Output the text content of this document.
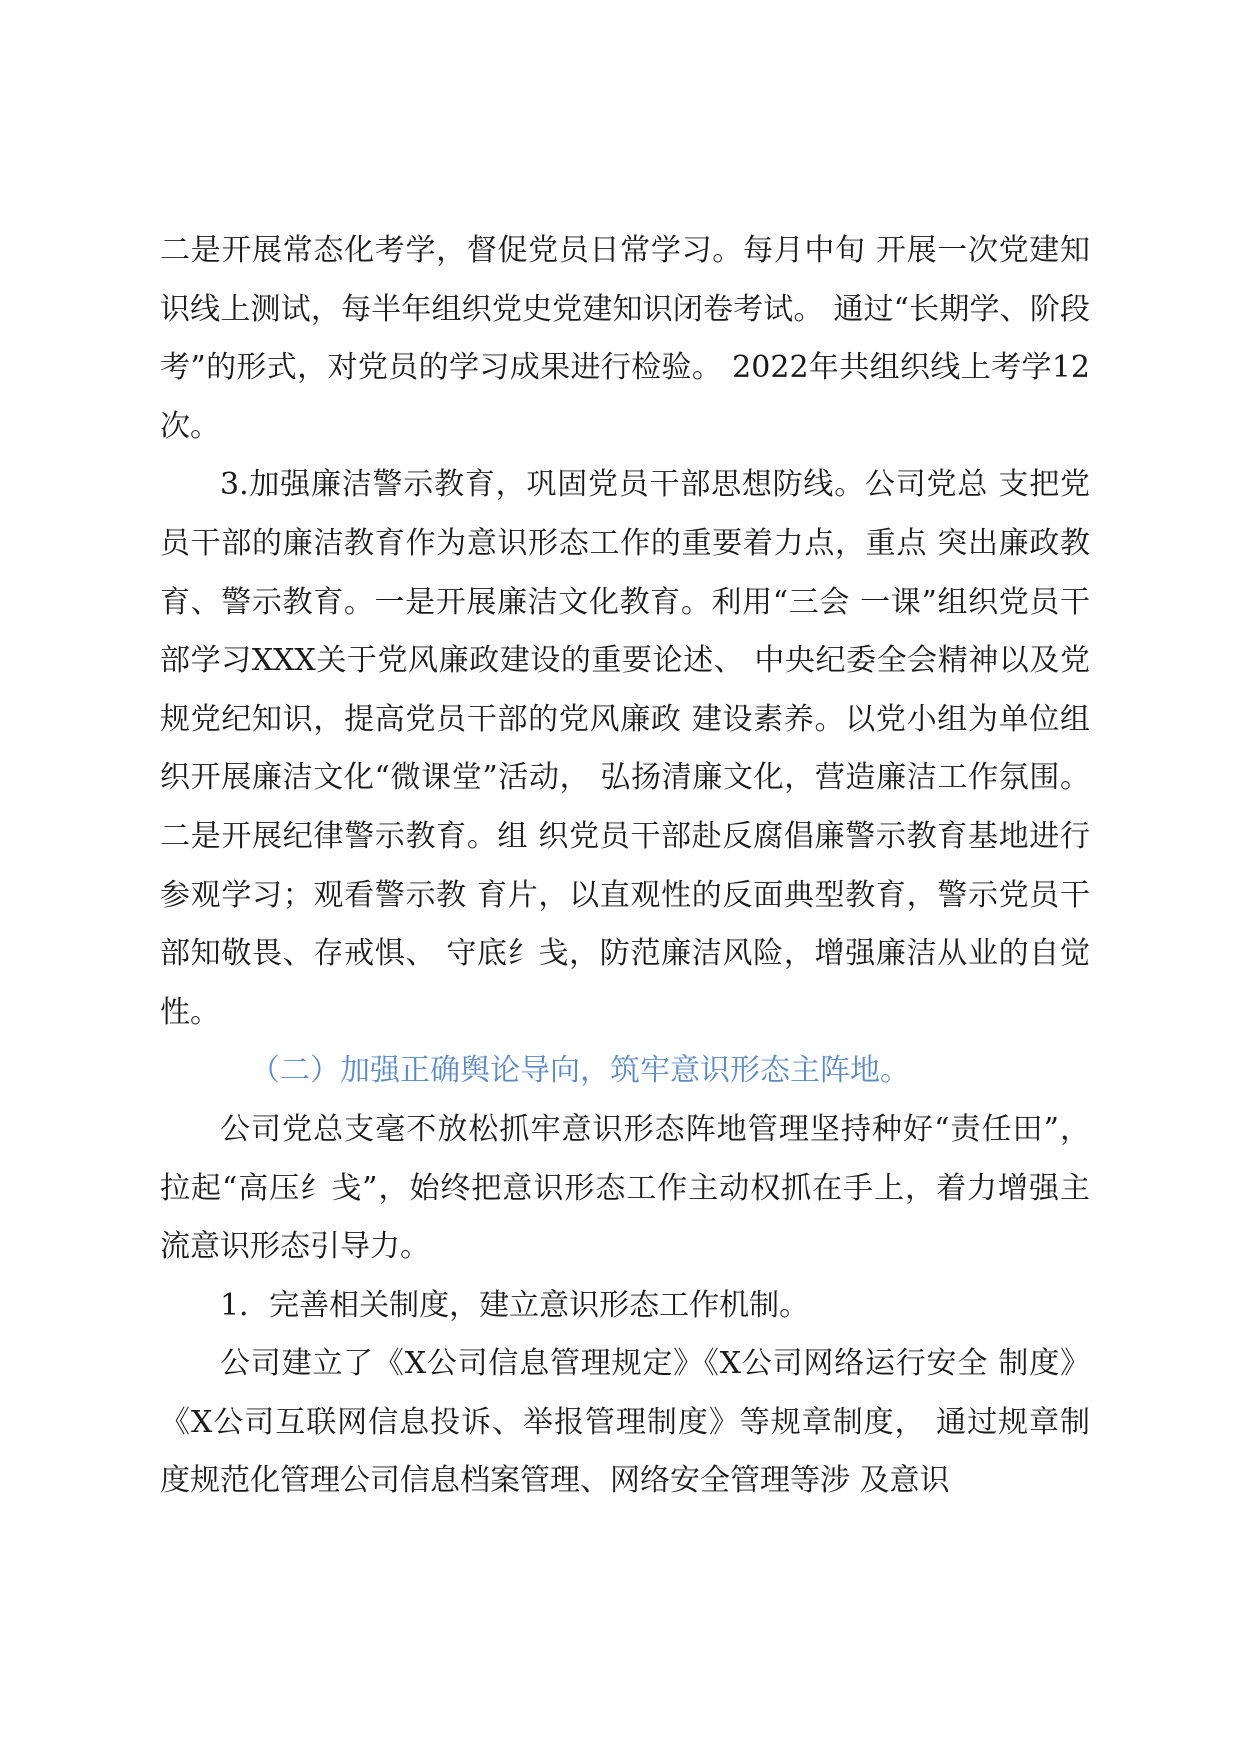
二是开展常态化考学，督促党员日常学习。每月中旬 开展一次党建知识线上测试，每半年组织党史党建知识闭卷考试。 通过“长期学、阶段考”的形式，对党员的学习成果进行检验。 2022年共组织线上考学12次。

3.加强廉洁警示教育，巩固党员干部思想防线。公司党总 支把党员干部的廉洁教育作为意识形态工作的重要着力点，重点 突出廉政教育、警示教育。一是开展廉洁文化教育。利用“三会 一课”组织党员干部学习XXX关于党风廉政建设的重要论述、 中央纪委全会精神以及党规党纪知识，提高党员干部的党风廉政 建设素养。以党小组为单位组织开展廉洁文化“微课堂”活动， 弘扬清廉文化，营造廉洁工作氛围。二是开展纪律警示教育。组 织党员干部赴反腐倡廉警示教育基地进行参观学习；观看警示教 育片，以直观性的反面典型教育，警示党员干部知敬畏、存戒惧、 守底纟戋，防范廉洁风险，增强廉洁从业的自觉性。

（二）加强正确舆论导向，筑牢意识形态主阵地。

公司党总支毫不放松抓牢意识形态阵地管理坚持种好“责任田”，拉起“高压纟戋”，始终把意识形态工作主动权抓在手上，着力增强主流意识形态引导力。

1．完善相关制度，建立意识形态工作机制。

公司建立了《X公司信息管理规定》《X公司网络运行安全 制度》《X公司互联网信息投诉、举报管理制度》等规章制度， 通过规章制度规范化管理公司信息档案管理、网络安全管理等涉 及意识
